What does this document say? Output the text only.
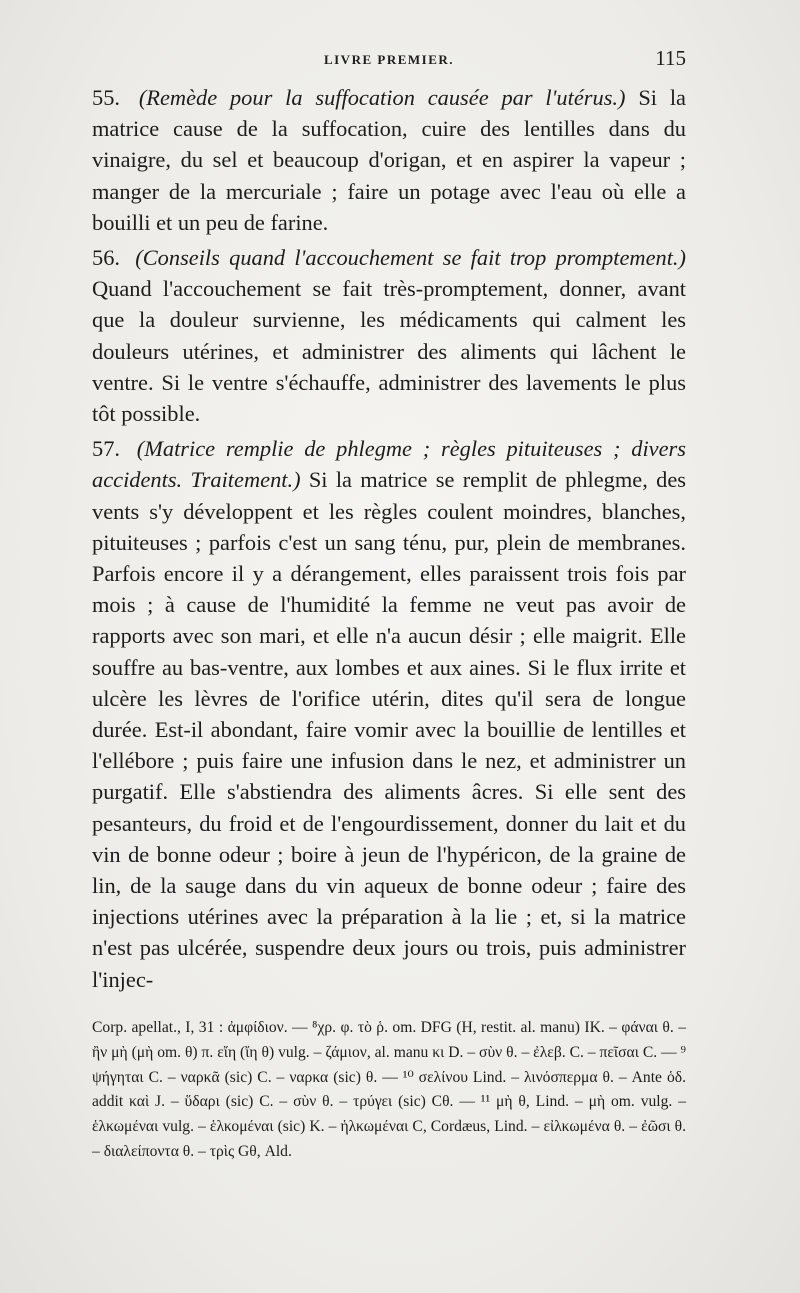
LIVRE PREMIER.	115

55. (Remède pour la suffocation causée par l'utérus.) Si la matrice cause de la suffocation, cuire des lentilles dans du vinaigre, du sel et beaucoup d'origan, et en aspirer la vapeur ; manger de la mercuriale ; faire un potage avec l'eau où elle a bouilli et un peu de farine.

56. (Conseils quand l'accouchement se fait trop promptement.) Quand l'accouchement se fait très-promptement, donner, avant que la douleur survienne, les médicaments qui calment les douleurs utérines, et administrer des aliments qui lâchent le ventre. Si le ventre s'échauffe, administrer des lavements le plus tôt possible.

57. (Matrice remplie de phlegme ; règles pituiteuses ; divers accidents. Traitement.) Si la matrice se remplit de phlegme, des vents s'y développent et les règles coulent moindres, blanches, pituiteuses ; parfois c'est un sang ténu, pur, plein de membranes. Parfois encore il y a dérangement, elles paraissent trois fois par mois ; à cause de l'humidité la femme ne veut pas avoir de rapports avec son mari, et elle n'a aucun désir ; elle maigrit. Elle souffre au bas-ventre, aux lombes et aux aines. Si le flux irrite et ulcère les lèvres de l'orifice utérin, dites qu'il sera de longue durée. Est-il abondant, faire vomir avec la bouillie de lentilles et l'ellébore ; puis faire une infusion dans le nez, et administrer un purgatif. Elle s'abstiendra des aliments âcres. Si elle sent des pesanteurs, du froid et de l'engourdissement, donner du lait et du vin de bonne odeur ; boire à jeun de l'hypéricon, de la graine de lin, de la sauge dans du vin aqueux de bonne odeur ; faire des injections utérines avec la préparation à la lie ; et, si la matrice n'est pas ulcérée, suspendre deux jours ou trois, puis administrer l'injec-

Corp. apellat., I, 31 : ἀμφίδιον. — ⁸χρ. φ. τὸ ῥ. om. DFG (H, restit. al. manu) IK. – φάναι θ. – ἢν μὴ (μὴ om. θ) π. εἴη (ἴη θ) vulg. – ζάμιον, al. manu κι D. – σὺν θ. – ἐλεβ. C. – πεῖσαι C. — ⁹ ψήγηται C. – ναρκᾶ (sic) C. – ναρκα (sic) θ. — ¹⁰ σελίνου Lind. – λινόσπερμα θ. – Ante ὁδ. addit καὶ J. – ὕδαρι (sic) C. – σὺν θ. – τρύγει (sic) Cθ. — ¹¹ μὴ θ, Lind. – μὴ om. vulg. – ἑλκωμέναι vulg. – ἑλκομέναι (sic) K. – ἡλκωμέναι C, Cordæus, Lind. – εἰλκωμένα θ. – ἐῶσι θ. – διαλείποντα θ. – τρὶς Gθ, Ald.
